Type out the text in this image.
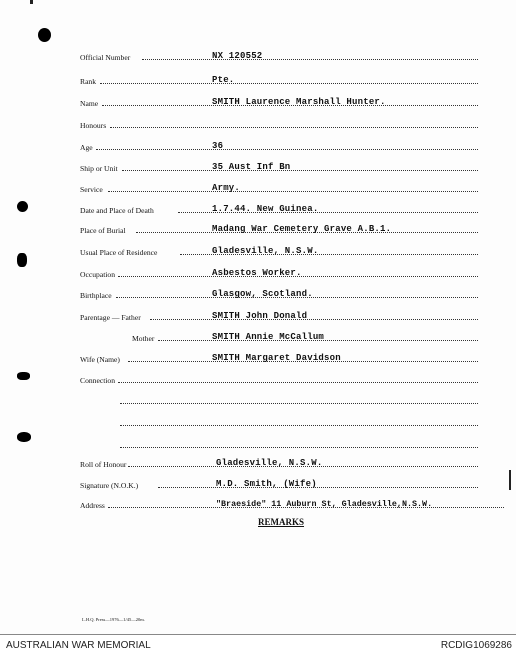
Official Number	NX 120552
Rank	Pte.
Name	SMITH Laurence Marshall Hunter.
Honours
Age	36
Ship or Unit	35 Aust Inf Bn
Service	Army.
Date and Place of Death	1.7.44. New Guinea.
Place of Burial	Madang War Cemetery Grave A.B.1.
Usual Place of Residence	Gladesville, N.S.W.
Occupation	Asbestos Worker.
Birthplace	Glasgow, Scotland.
Parentage — Father	SMITH John Donald
Mother	SMITH Annie McCallum
Wife (Name)	SMITH Margaret Davidson
Connection
Roll of Honour	Gladesville, N.S.W.
Signature (N.O.K.)	M.D. Smith, (Wife)
Address	"Braeside" 11 Auburn St, Gladesville,N.S.W.
REMARKS
L.H.Q. Press—1976—1/45—20m.
AUSTRALIAN WAR MEMORIAL	RCDIG1069286
